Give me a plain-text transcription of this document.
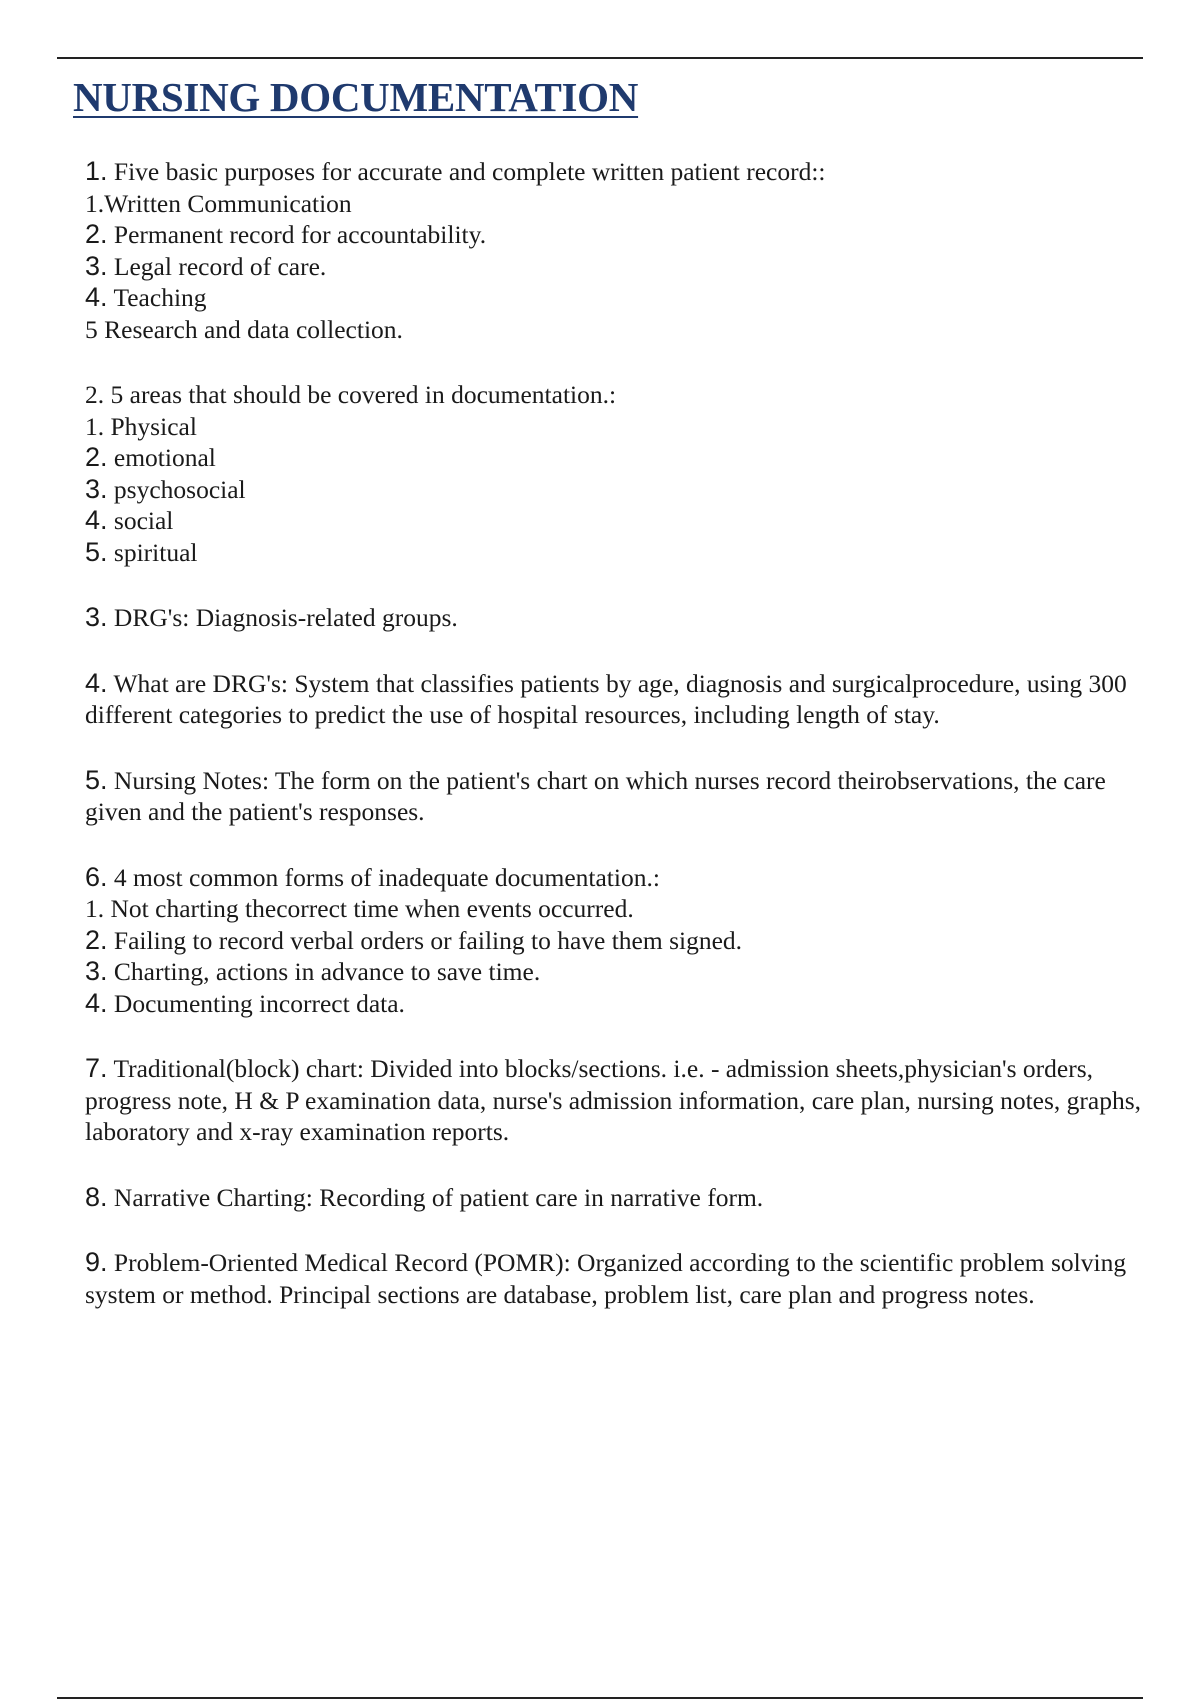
NURSING DOCUMENTATION

1. Five basic purposes for accurate and complete written patient record::

1.Written Communication

2. Permanent record for accountability.

3. Legal record of care.

4. Teaching

5 Research and data collection.

2. 5 areas that should be covered in documentation.:

1. Physical

2. emotional

3. psychosocial

4. social

5. spiritual

3. DRG's: Diagnosis-related groups.

4. What are DRG's: System that classifies patients by age, diagnosis and surgicalprocedure, using 300 different categories to predict the use of hospital resources, including length of stay.

5. Nursing Notes: The form on the patient's chart on which nurses record theirobservations, the care given and the patient's responses.

6. 4 most common forms of inadequate documentation.:

1. Not charting thecorrect time when events occurred.

2. Failing to record verbal orders or failing to have them signed.

3. Charting, actions in advance to save time.

4. Documenting incorrect data.

7. Traditional(block) chart: Divided into blocks/sections. i.e. - admission sheets,physician's orders, progress note, H & P examination data, nurse's admission information, care plan, nursing notes, graphs, laboratory and x-ray examination reports.

8. Narrative Charting: Recording of patient care in narrative form.

9. Problem-Oriented Medical Record (POMR): Organized according to the scientific problem solving system or method. Principal sections are database, problem list, care plan and progress notes.
